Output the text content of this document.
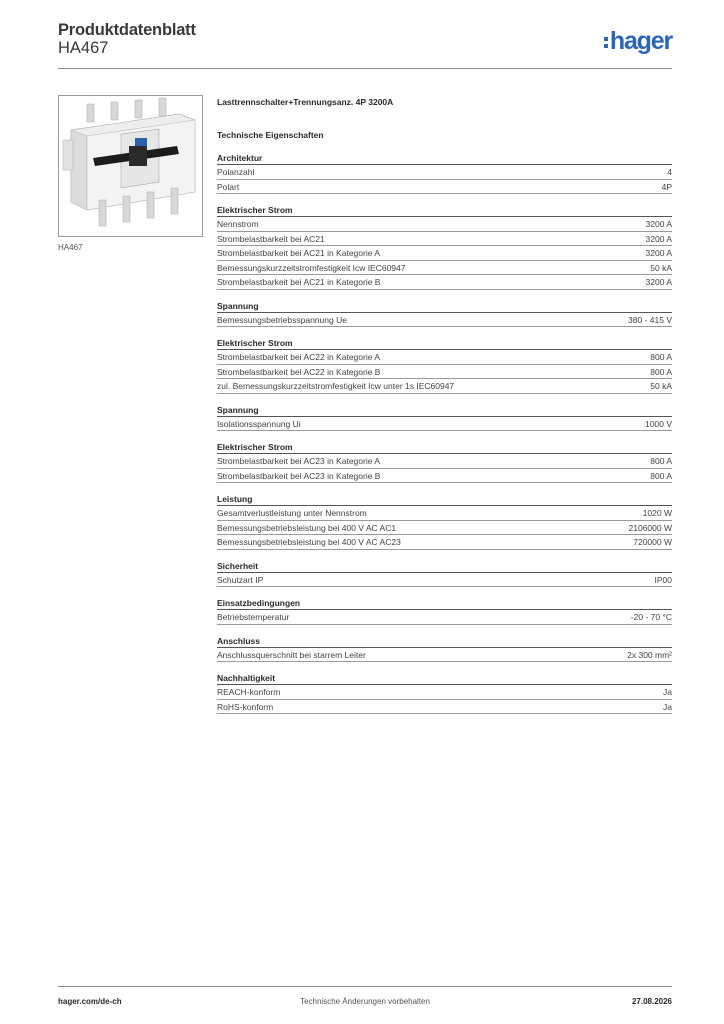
Produktdatenblatt
HA467	hager
HA467
Lasttrennschalter+Trennungsanz. 4P 3200A
Technische Eigenschaften
Architektur
Polanzahl	4
Polart	4P
Elektrischer Strom
Nennstrom	3200 A
Strombelastbarkeit bei AC21	3200 A
Strombelastbarkeit bei AC21 in Kategorie A	3200 A
Bemessungskurzzeitstromfestigkeit Icw IEC60947	50 kA
Strombelastbarkeit bei AC21 in Kategorie B	3200 A
Spannung
Bemessungsbetriebsspannung Ue	380 - 415 V
Elektrischer Strom
Strombelastbarkeit bei AC22 in Kategorie A	800 A
Strombelastbarkeit bei AC22 in Kategorie B	800 A
zul. Bemessungskurzzeitstromfestigkeit Icw unter 1s IEC60947	50 kA
Spannung
Isolationsspannung Ui	1000 V
Elektrischer Strom
Strombelastbarkeit bei AC23 in Kategorie A	800 A
Strombelastbarkeit bei AC23 in Kategorie B	800 A
Leistung
Gesamtverlustleistung unter Nennstrom	1020 W
Bemessungsbetriebsleistung bei 400 V AC AC1	2106000 W
Bemessungsbetriebsleistung bei 400 V AC AC23	720000 W
Sicherheit
Schutzart IP	IP00
Einsatzbedingungen
Betriebstemperatur	-20 - 70 °C
Anschluss
Anschlussquerschnitt bei starrem Leiter	2x 300 mm²
Nachhaltigkeit
REACH-konform	Ja
RoHS-konform	Ja
hager.com/de-ch	Technische Änderungen vorbehalten	27.08.2026
